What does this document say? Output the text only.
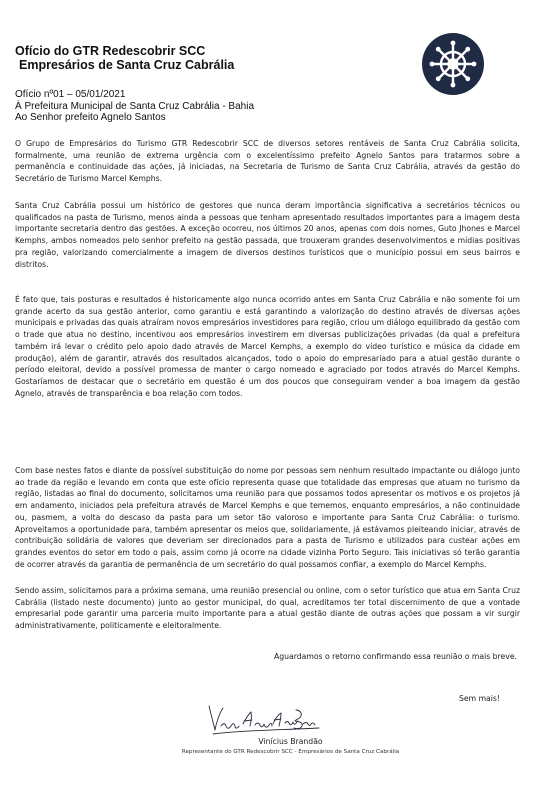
Ofício do GTR Redescobrir SCC
Empresários de Santa Cruz Cabrália
Ofício nº01 – 05/01/2021
À Prefeitura Municipal de Santa Cruz Cabrália - Bahia
Ao Senhor prefeito Agnelo Santos

O Grupo de Empresários do Turismo GTR Redescobrir SCC de diversos setores rentáveis de Santa Cruz Cabrália solicita, formalmente, uma reunião de extrema urgência com o excelentíssimo prefeito Agnelo Santos para tratarmos sobre a permanência e continuidade das ações, já iniciadas, na Secretaria de Turismo de Santa Cruz Cabrália, através da gestão do Secretário de Turismo Marcel Kemphs.

Santa Cruz Cabrália possui um histórico de gestores que nunca deram importância significativa a secretários técnicos ou qualificados na pasta de Turismo, menos ainda a pessoas que tenham apresentado resultados importantes para a imagem desta importante secretaria dentro das gestões. A exceção ocorreu, nos últimos 20 anos, apenas com dois nomes, Guto Jhones e Marcel Kemphs, ambos nomeados pelo senhor prefeito na gestão passada, que trouxeram grandes desenvolvimentos e mídias positivas pra região, valorizando comercialmente a imagem de diversos destinos turísticos que o município possui em seus bairros e distritos.

É fato que, tais posturas e resultados é historicamente algo nunca ocorrido antes em Santa Cruz Cabrália e não somente foi um grande acerto da sua gestão anterior, como garantiu e está garantindo a valorização do destino através de diversas ações municipais e privadas das quais atraíram novos empresários investidores para região, criou um diálogo equilibrado da gestão com o trade que atua no destino, incentivou aos empresários investirem em diversas publicizações privadas (da qual a prefeitura também irá levar o crédito pelo apoio dado através de Marcel Kemphs, a exemplo do vídeo turístico e música da cidade em produção), além de garantir, através dos resultados alcançados, todo o apoio do empresariado para a atual gestão durante o período eleitoral, devido a possível promessa de manter o cargo nomeado e agraciado por todos através do Marcel Kemphs. Gostaríamos de destacar que o secretário em questão é um dos poucos que conseguiram vender a boa imagem da gestão Agnelo, através de transparência e boa relação com todos.

Com base nestes fatos e diante da possível substituição do nome por pessoas sem nenhum resultado impactante ou diálogo junto ao trade da região e levando em conta que este ofício representa quase que totalidade das empresas que atuam no turismo da região, listadas ao final do documento, solicitamos uma reunião para que possamos todos apresentar os motivos e os projetos já em andamento, iniciados pela prefeitura através de Marcel Kemphs e que tememos, enquanto empresários, a não continuidade ou, pasmem, a volta do descaso da pasta para um setor tão valoroso e importante para Santa Cruz Cabrália: o turismo. Aproveitamos a oportunidade para, também apresentar os meios que, solidariamente, já estávamos pleiteando iniciar, através de contribuição solidária de valores que deveriam ser direcionados para a pasta de Turismo e utilizados para custear ações em grandes eventos do setor em todo o país, assim como já ocorre na cidade vizinha Porto Seguro. Tais iniciativas só terão garantia de ocorrer através da garantia de permanência de um secretário do qual possamos confiar, a exemplo do Marcel Kemphs.

Sendo assim, solicitamos para a próxima semana, uma reunião presencial ou online, com o setor turístico que atua em Santa Cruz Cabrália (listado neste documento) junto ao gestor municipal, do qual, acreditamos ter total discernimento de que a vontade empresarial pode garantir uma parceria muito importante para a atual gestão diante de outras ações que possam a vir surgir administrativamente, politicamente e eleitoralmente.

Aguardamos o retorno confirmando essa reunião o mais breve.

Sem mais!

Vinícius Brandão

Representante do GTR Redescobrir SCC - Empresários de Santa Cruz Cabrália
